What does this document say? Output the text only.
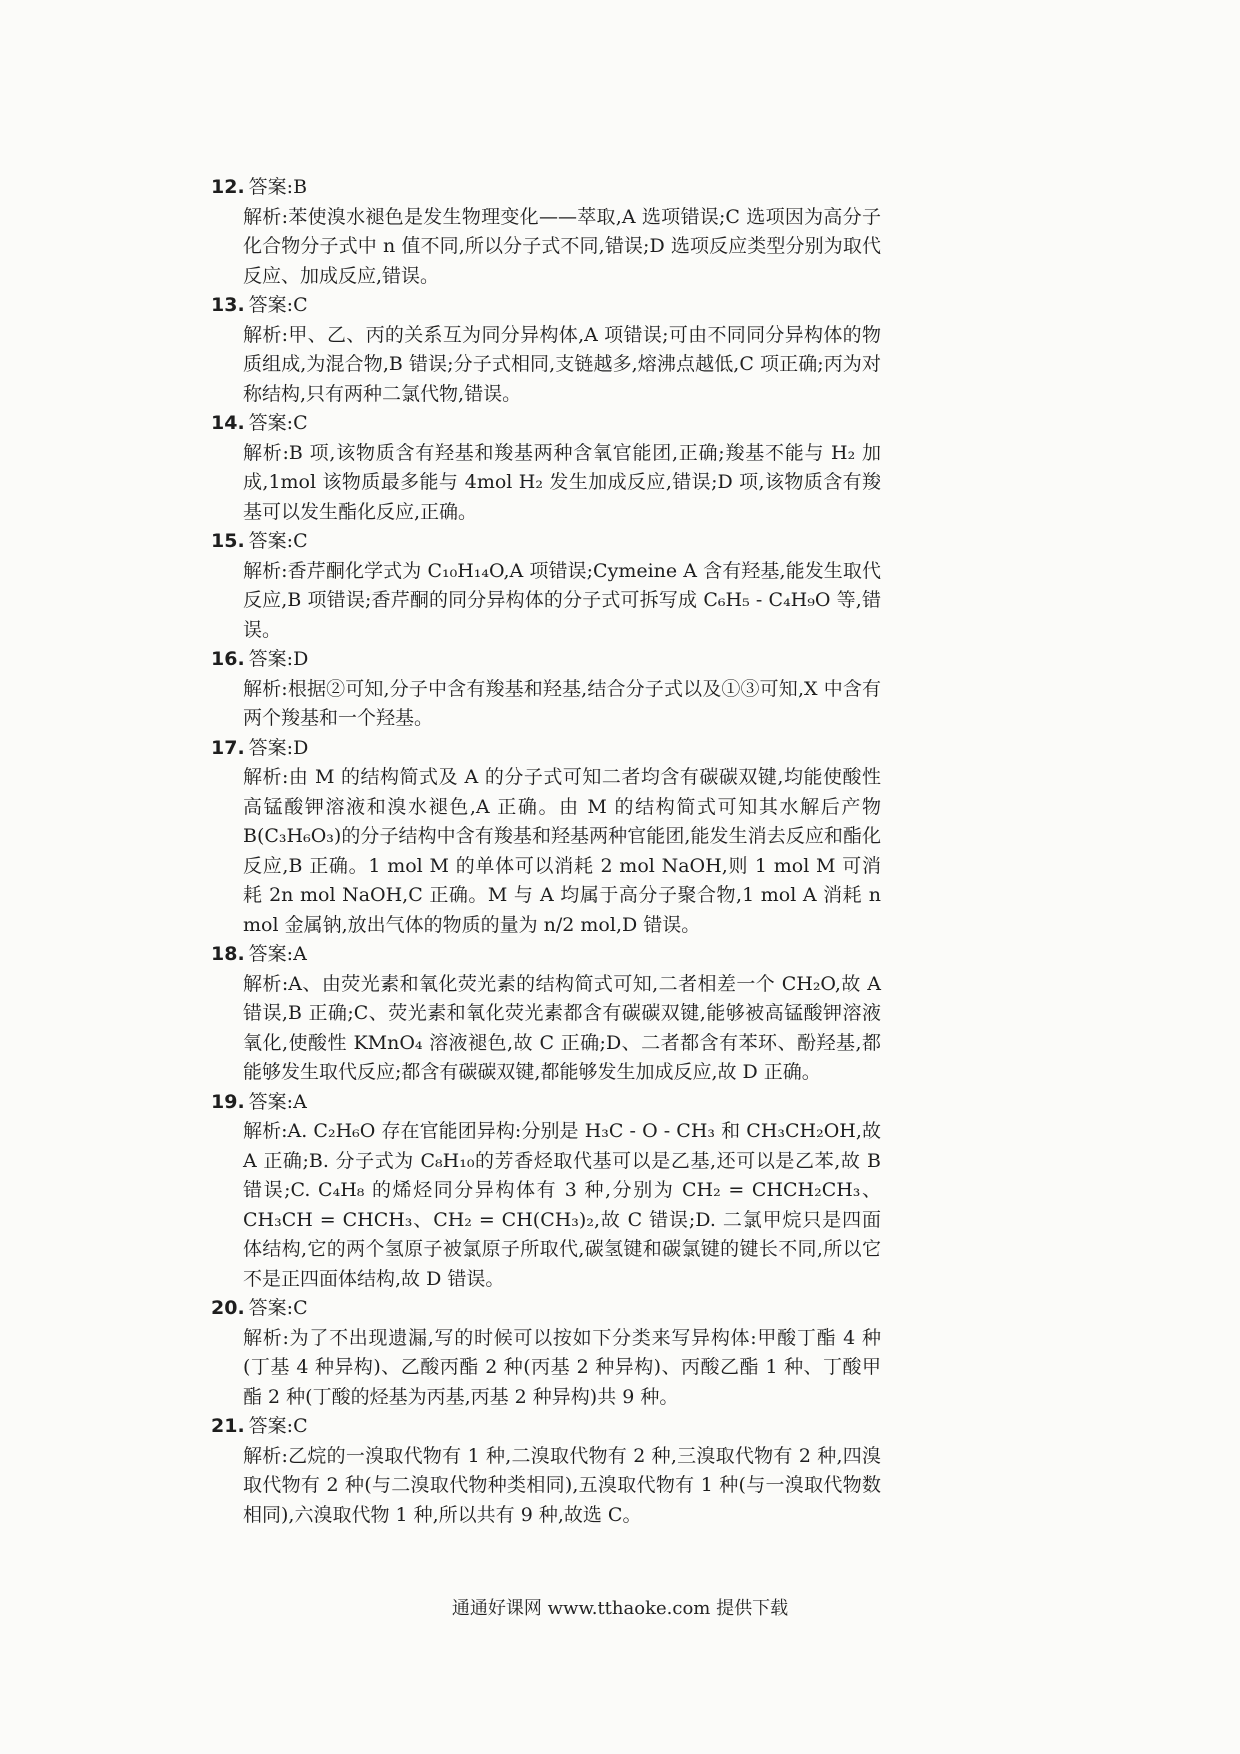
12. 答案:B
解析:苯使溴水褪色是发生物理变化——萃取,A 选项错误;C 选项因为高分子化合物分子式中 n 值不同,所以分子式不同,错误;D 选项反应类型分别为取代反应、加成反应,错误。
13. 答案:C
解析:甲、乙、丙的关系互为同分异构体,A 项错误;可由不同同分异构体的物质组成,为混合物,B 错误;分子式相同,支链越多,熔沸点越低,C 项正确;丙为对称结构,只有两种二氯代物,错误。
14. 答案:C
解析:B 项,该物质含有羟基和羧基两种含氧官能团,正确;羧基不能与 H₂ 加成,1mol 该物质最多能与 4mol H₂ 发生加成反应,错误;D 项,该物质含有羧基可以发生酯化反应,正确。
15. 答案:C
解析:香芹酮化学式为 C₁₀H₁₄O,A 项错误;Cymeine A 含有羟基,能发生取代反应,B 项错误;香芹酮的同分异构体的分子式可拆写成 C₆H₅ - C₄H₉O 等,错误。
16. 答案:D
解析:根据②可知,分子中含有羧基和羟基,结合分子式以及①③可知,X 中含有两个羧基和一个羟基。
17. 答案:D
解析:由 M 的结构简式及 A 的分子式可知二者均含有碳碳双键,均能使酸性高锰酸钾溶液和溴水褪色,A 正确。由 M 的结构简式可知其水解后产物 B(C₃H₆O₃)的分子结构中含有羧基和羟基两种官能团,能发生消去反应和酯化反应,B 正确。1 mol M 的单体可以消耗 2 mol NaOH,则 1 mol M 可消耗 2n mol NaOH,C 正确。M 与 A 均属于高分子聚合物,1 mol A 消耗 n mol 金属钠,放出气体的物质的量为 n/2 mol,D 错误。
18. 答案:A
解析:A、由荧光素和氧化荧光素的结构简式可知,二者相差一个 CH₂O,故 A 错误,B 正确;C、荧光素和氧化荧光素都含有碳碳双键,能够被高锰酸钾溶液氧化,使酸性 KMnO₄ 溶液褪色,故 C 正确;D、二者都含有苯环、酚羟基,都能够发生取代反应;都含有碳碳双键,都能够发生加成反应,故 D 正确。
19. 答案:A
解析:A. C₂H₆O 存在官能团异构:分别是 H₃C - O - CH₃ 和 CH₃CH₂OH,故 A 正确;B. 分子式为 C₈H₁₀的芳香烃取代基可以是乙基,还可以是乙苯,故 B 错误;C. C₄H₈ 的烯烃同分异构体有 3 种,分别为 CH₂ = CHCH₂CH₃、CH₃CH = CHCH₃、CH₂ = CH(CH₃)₂,故 C 错误;D. 二氯甲烷只是四面体结构,它的两个氢原子被氯原子所取代,碳氢键和碳氯键的键长不同,所以它不是正四面体结构,故 D 错误。
20. 答案:C
解析:为了不出现遗漏,写的时候可以按如下分类来写异构体:甲酸丁酯 4 种(丁基 4 种异构)、乙酸丙酯 2 种(丙基 2 种异构)、丙酸乙酯 1 种、丁酸甲酯 2 种(丁酸的烃基为丙基,丙基 2 种异构)共 9 种。
21. 答案:C
解析:乙烷的一溴取代物有 1 种,二溴取代物有 2 种,三溴取代物有 2 种,四溴取代物有 2 种(与二溴取代物种类相同),五溴取代物有 1 种(与一溴取代物数相同),六溴取代物 1 种,所以共有 9 种,故选 C。
通通好课网 www.tthaoke.com 提供下载
